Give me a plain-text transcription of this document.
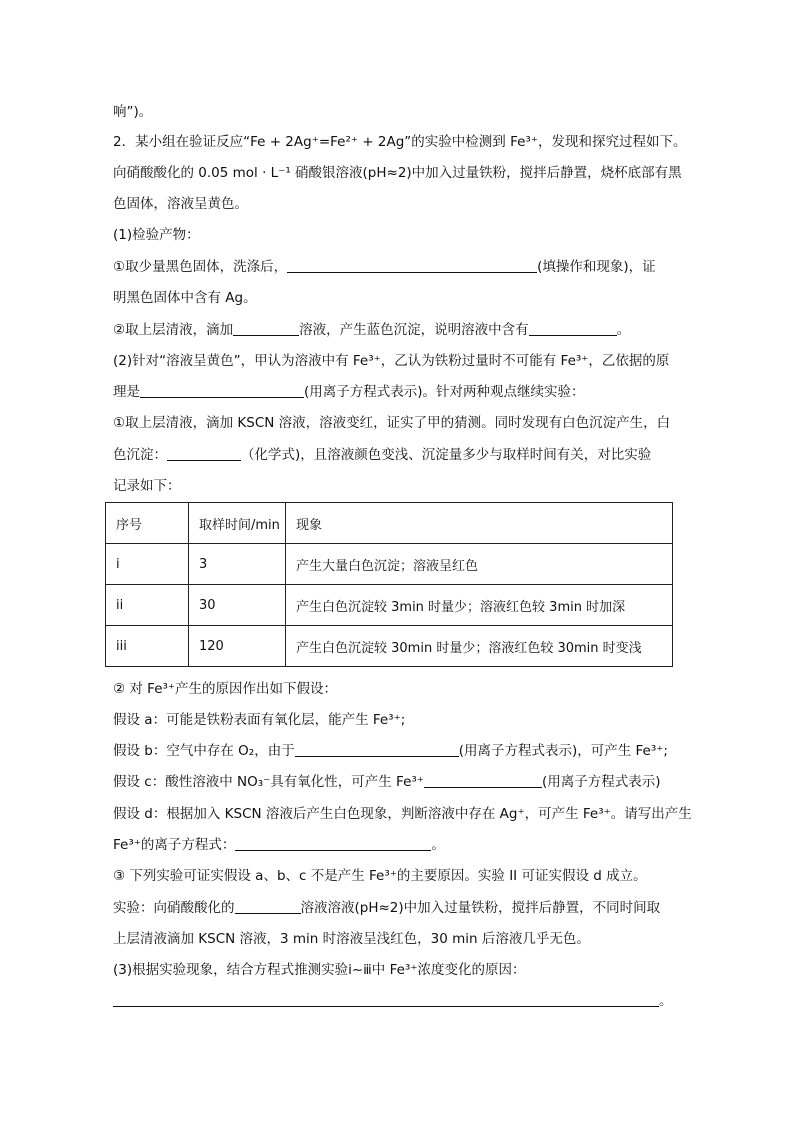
响”)。
2．某小组在验证反应“Fe + 2Ag⁺=Fe²⁺ + 2Ag”的实验中检测到 Fe³⁺，发现和探究过程如下。
向硝酸酸化的 0.05 mol · L⁻¹ 硝酸银溶液(pH≈2)中加入过量铁粉，搅拌后静置，烧杯底部有黑
色固体，溶液呈黄色。
(1)检验产物：
①取少量黑色固体，洗涤后，	(填操作和现象)，证
明黑色固体中含有 Ag。
②取上层清液，滴加	溶液，产生蓝色沉淀，说明溶液中含有	。
(2)针对“溶液呈黄色”，甲认为溶液中有 Fe³⁺，乙认为铁粉过量时不可能有 Fe³⁺，乙依据的原
理是	(用离子方程式表示)。针对两种观点继续实验：
①取上层清液，滴加 KSCN 溶液，溶液变红，证实了甲的猜测。同时发现有白色沉淀产生，白
色沉淀：	（化学式)，且溶液颜色变浅、沉淀量多少与取样时间有关，对比实验
记录如下：
序号	取样时间/min	现象
i	3	产生大量白色沉淀；溶液呈红色
ii	30	产生白色沉淀较 3min 时量少；溶液红色较 3min 时加深
iii	120	产生白色沉淀较 30min 时量少；溶液红色较 30min 时变浅
② 对 Fe³⁺产生的原因作出如下假设：
假设 a：可能是铁粉表面有氧化层，能产生 Fe³⁺;
假设 b：空气中存在 O₂，由于	(用离子方程式表示)，可产生 Fe³⁺;
假设 c：酸性溶液中 NO₃⁻具有氧化性，可产生 Fe³⁺	(用离子方程式表示)
假设 d：根据加入 KSCN 溶液后产生白色现象，判断溶液中存在 Ag⁺，可产生 Fe³⁺。请写出产生
Fe³⁺的离子方程式：	。
③ 下列实验可证实假设 a、b、c 不是产生 Fe³⁺的主要原因。实验 II 可证实假设 d 成立。
实验：向硝酸酸化的	溶液溶液(pH≈2)中加入过量铁粉，搅拌后静置，不同时间取
上层清液滴加 KSCN 溶液，3 min 时溶液呈浅红色，30 min 后溶液几乎无色。
(3)根据实验现象，结合方程式推测实验ⅰ~ⅲ中 Fe³⁺浓度变化的原因：
。
